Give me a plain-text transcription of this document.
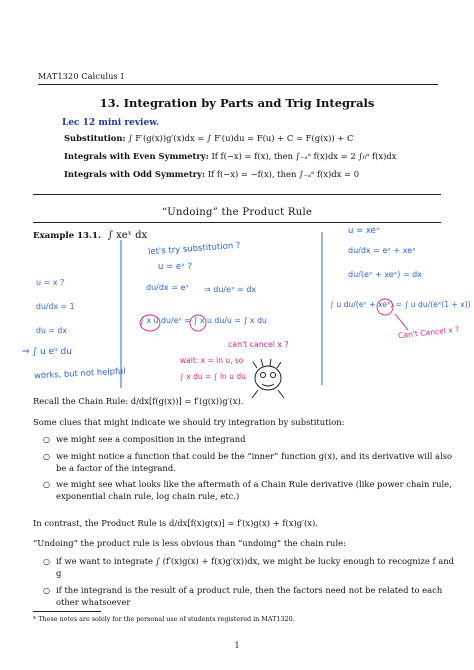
MAT1320 Calculus I
13. Integration by Parts and Trig Integrals
Lec 12 mini review.
Substitution: ∫ F′(g(x))g′(x)dx = ∫ F′(u)du = F(u) + C = F(g(x)) + C
Integrals with Even Symmetry: If f(−x) = f(x), then ∫₋ₐᵃ f(x)dx = 2 ∫₀ᵃ f(x)dx
Integrals with Odd Symmetry: If f(−x) = −f(x), then ∫₋ₐᵃ f(x)dx = 0
“Undoing” the Product Rule
Example 13.1. ∫ xeˣ dx
let's try substitution ?
u = eˣ ?
du/dx = eˣ ⇒ du/eˣ = dx
∫ x u du/eˣ = ∫ x u du/u = ∫ x du
can't cancel x ?
wait: x = ln u, so
∫ x du = ∫ ln u du
u = x ?
du/dx = 1
du = dx
⇒ ∫ u eᵘ du
works, but not helpful
u = xeˣ
du/dx = eˣ + xeˣ
du/(eˣ + xeˣ) = dx
∫ u du/(eˣ + xeˣ) = ∫ u du/(eˣ(1 + x))
Can't Cancel x ?
Recall the Chain Rule: d/dx[f(g(x))] = f′(g(x))g′(x).
Some clues that might indicate we should try integration by substitution:
○ we might see a composition in the integrand
○ we might notice a function that could be the “inner” function g(x), and its derivative will also be a factor of the integrand.
○ we might see what looks like the aftermath of a Chain Rule derivative (like power chain rule, exponential chain rule, log chain rule, etc.)
In contrast, the Product Rule is d/dx[f(x)g(x)] = f′(x)g(x) + f(x)g′(x).
“Undoing” the product rule is less obvious than “undoing” the chain rule:
○ if we want to integrate ∫ (f′(x)g(x) + f(x)g′(x))dx, we might be lucky enough to recognize f and g
○ if the integrand is the result of a product rule, then the factors need not be related to each other whatsoever
* These notes are solely for the personal use of students registered in MAT1320.
1
